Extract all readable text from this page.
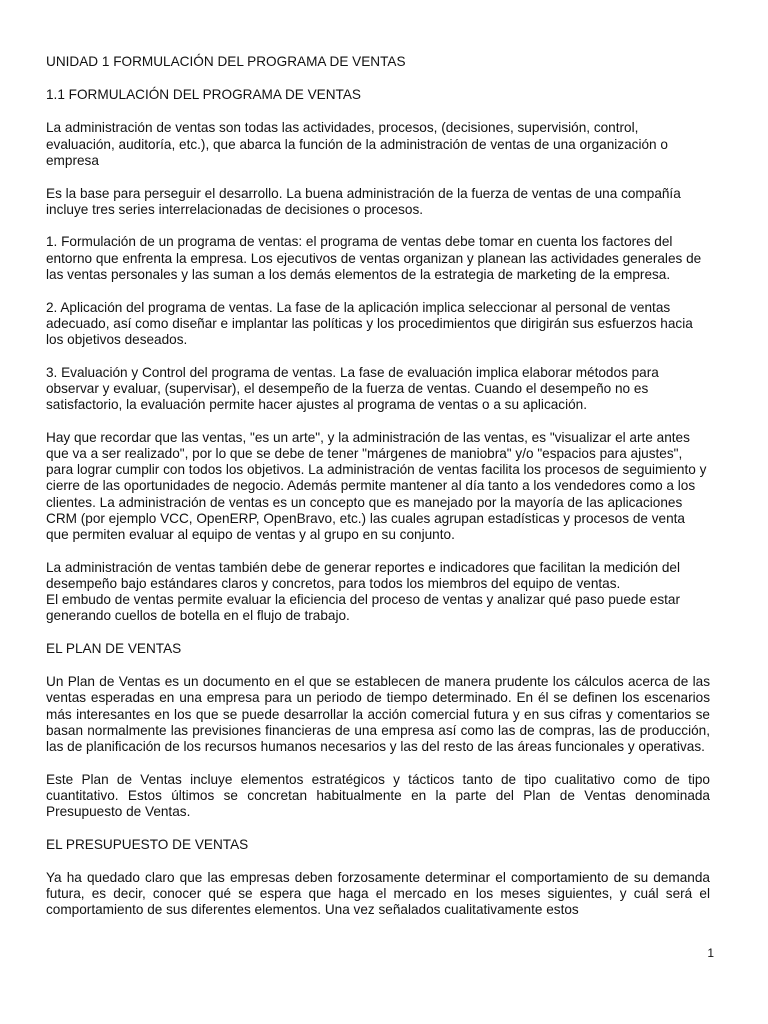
UNIDAD 1 FORMULACIÓN DEL PROGRAMA DE VENTAS

1.1 FORMULACIÓN DEL PROGRAMA DE VENTAS

La administración de ventas son todas las actividades, procesos, (decisiones, supervisión, control, evaluación, auditoría, etc.), que abarca la función de la administración de ventas de una organización o empresa

Es la base para perseguir el desarrollo. La buena administración de la fuerza de ventas de una compañía incluye tres series interrelacionadas de decisiones o procesos.

1. Formulación de un programa de ventas: el programa de ventas debe tomar en cuenta los factores del entorno que enfrenta la empresa. Los ejecutivos de ventas organizan y planean las actividades generales de las ventas personales y las suman a los demás elementos de la estrategia de marketing de la empresa.

2. Aplicación del programa de ventas. La fase de la aplicación implica seleccionar al personal de ventas adecuado, así como diseñar e implantar las políticas y los procedimientos que dirigirán sus esfuerzos hacia los objetivos deseados.

3. Evaluación y Control del programa de ventas. La fase de evaluación implica elaborar métodos para observar y evaluar, (supervisar), el desempeño de la fuerza de ventas. Cuando el desempeño no es satisfactorio, la evaluación permite hacer ajustes al programa de ventas o a su aplicación.

Hay que recordar que las ventas, "es un arte", y la administración de las ventas, es "visualizar el arte antes que va a ser realizado", por lo que se debe de tener "márgenes de maniobra" y/o "espacios para ajustes", para lograr cumplir con todos los objetivos. La administración de ventas facilita los procesos de seguimiento y cierre de las oportunidades de negocio. Además permite mantener al día tanto a los vendedores como a los clientes. La administración de ventas es un concepto que es manejado por la mayoría de las aplicaciones CRM (por ejemplo VCC, OpenERP, OpenBravo, etc.) las cuales agrupan estadísticas y procesos de venta que permiten evaluar al equipo de ventas y al grupo en su conjunto.

La administración de ventas también debe de generar reportes e indicadores que facilitan la medición del desempeño bajo estándares claros y concretos, para todos los miembros del equipo de ventas.
El embudo de ventas permite evaluar la eficiencia del proceso de ventas y analizar qué paso puede estar generando cuellos de botella en el flujo de trabajo.

EL PLAN DE VENTAS

Un Plan de Ventas es un documento en el que se establecen de manera prudente los cálculos acerca de las ventas esperadas en una empresa para un periodo de tiempo determinado. En él se definen los escenarios más interesantes en los que se puede desarrollar la acción comercial futura y en sus cifras y comentarios se basan normalmente las previsiones financieras de una empresa así como las de compras, las de producción, las de planificación de los recursos humanos necesarios y las del resto de las áreas funcionales y operativas.

Este Plan de Ventas incluye elementos estratégicos y tácticos tanto de tipo cualitativo como de tipo cuantitativo. Estos últimos se concretan habitualmente en la parte del Plan de Ventas denominada Presupuesto de Ventas.

EL PRESUPUESTO DE VENTAS

Ya ha quedado claro que las empresas deben forzosamente determinar el comportamiento de su demanda futura, es decir, conocer qué se espera que haga el mercado en los meses siguientes, y cuál será el comportamiento de sus diferentes elementos. Una vez señalados cualitativamente estos

1
